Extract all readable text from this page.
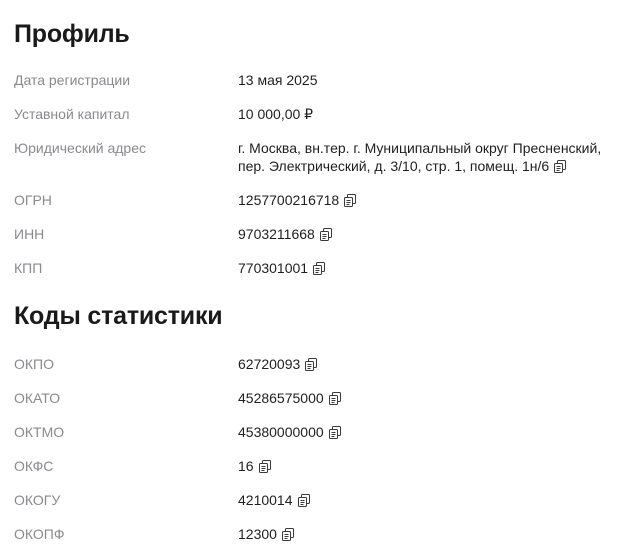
Профиль
Дата регистрации	13 мая 2025
Уставной капитал	10 000,00 ₽
Юридический адрес	г. Москва, вн.тер. г. Муниципальный округ Пресненский,
пер. Электрический, д. 3/10, стр. 1, помещ. 1н/6
ОГРН	1257700216718
ИНН	9703211668
КПП	770301001
Коды статистики
ОКПО	62720093
ОКАТО	45286575000
ОКТМО	45380000000
ОКФС	16
ОКОГУ	4210014
ОКОПФ	12300
